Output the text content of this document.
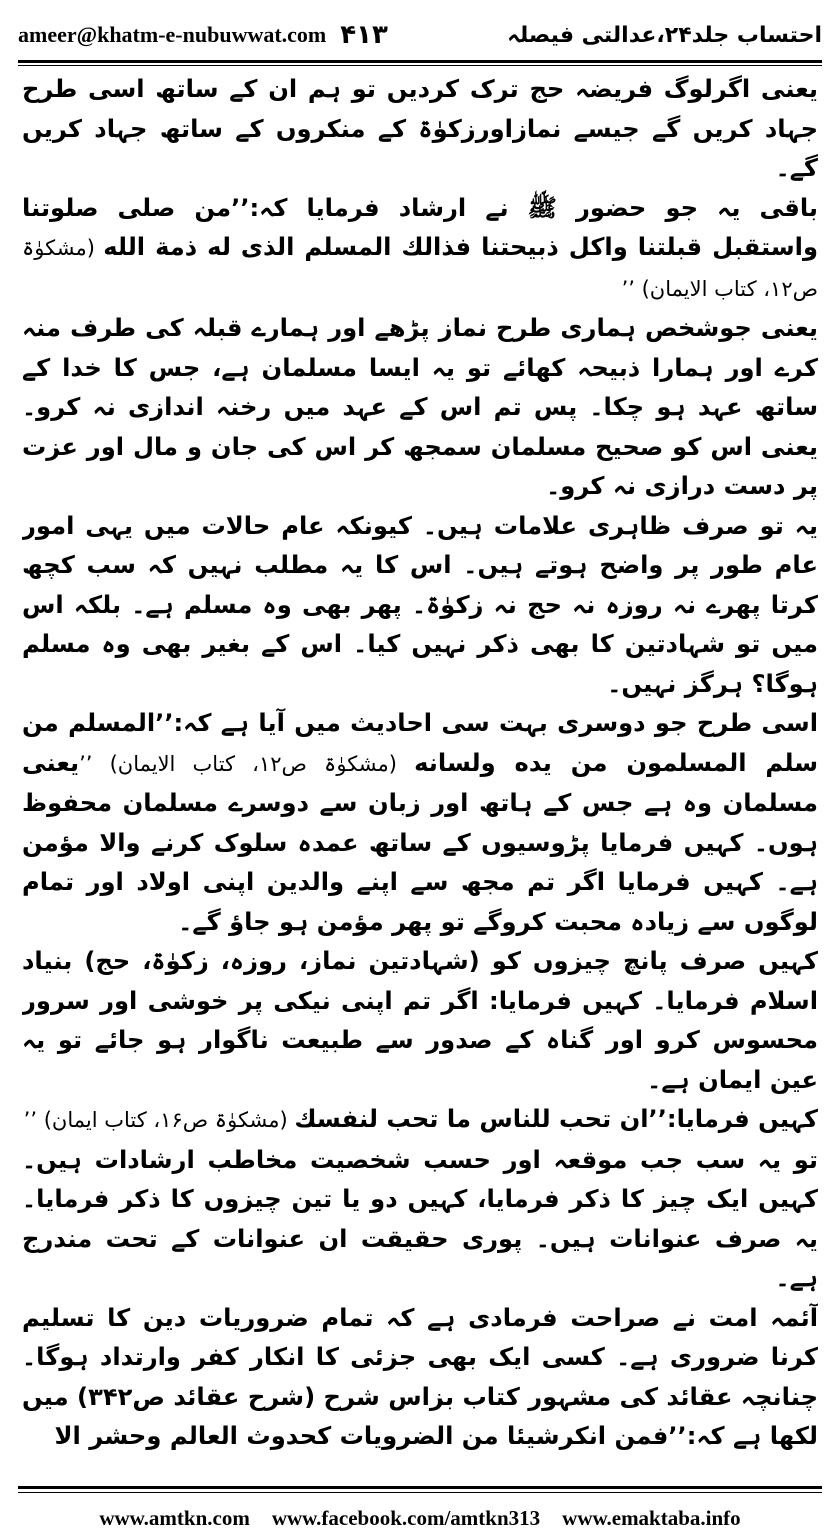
ameer@khatm-e-nubuwwat.com ۴۱۳	احتساب جلد۲۴،عدالتی فیصلہ

یعنی اگرلوگ فریضہ حج ترک کردیں تو ہم ان کے ساتھ اسی طرح جہاد کریں گے جیسے نمازاورزکوٰۃ کے منکروں کے ساتھ جہاد کریں گے۔

باقی یہ جو حضور ﷺ نے ارشاد فرمایا کہ:’’من صلی صلوتنا واستقبل قبلتنا واکل ذبیحتنا فذالك المسلم الذی له ذمة الله (مشکوٰۃ ص۱۲، کتاب الایمان) ’’

یعنی جوشخص ہماری طرح نماز پڑھے اور ہمارے قبلہ کی طرف منہ کرے اور ہمارا ذبیحہ کھائے تو یہ ایسا مسلمان ہے، جس کا خدا کے ساتھ عہد ہو چکا۔ پس تم اس کے عہد میں رخنہ اندازی نہ کرو۔ یعنی اس کو صحیح مسلمان سمجھ کر اس کی جان و مال اور عزت پر دست درازی نہ کرو۔

یہ تو صرف ظاہری علامات ہیں۔ کیونکہ عام حالات میں یہی امور عام طور پر واضح ہوتے ہیں۔ اس کا یہ مطلب نہیں کہ سب کچھ کرتا پھرے نہ روزہ نہ حج نہ زکوٰۃ۔ پھر بھی وہ مسلم ہے۔ بلکہ اس میں تو شہادتین کا بھی ذکر نہیں کیا۔ اس کے بغیر بھی وہ مسلم ہوگا؟ ہرگز نہیں۔

اسی طرح جو دوسری بہت سی احادیث میں آیا ہے کہ:’’المسلم من سلم المسلمون من یده ولسانه (مشکوٰۃ ص۱۲، کتاب الایمان) ’’یعنی مسلمان وہ ہے جس کے ہاتھ اور زبان سے دوسرے مسلمان محفوظ ہوں۔ کہیں فرمایا پڑوسیوں کے ساتھ عمدہ سلوک کرنے والا مؤمن ہے۔ کہیں فرمایا اگر تم مجھ سے اپنے والدین اپنی اولاد اور تمام لوگوں سے زیادہ محبت کروگے تو پھر مؤمن ہو جاؤ گے۔

کہیں صرف پانچ چیزوں کو (شہادتین نماز، روزہ، زکوٰۃ، حج) بنیاد اسلام فرمایا۔ کہیں فرمایا: اگر تم اپنی نیکی پر خوشی اور سرور محسوس کرو اور گناہ کے صدور سے طبیعت ناگوار ہو جائے تو یہ عین ایمان ہے۔

کہیں فرمایا:’’ان تحب للناس ما تحب لنفسك (مشکوٰۃ ص۱۶، کتاب ایمان) ’’

تو یہ سب جب موقعہ اور حسب شخصیت مخاطب ارشادات ہیں۔ کہیں ایک چیز کا ذکر فرمایا، کہیں دو یا تین چیزوں کا ذکر فرمایا۔ یہ صرف عنوانات ہیں۔ پوری حقیقت ان عنوانات کے تحت مندرج ہے۔

آئمہ امت نے صراحت فرمادی ہے کہ تمام ضروریات دین کا تسلیم کرنا ضروری ہے۔ کسی ایک بھی جزئی کا انکار کفر وارتداد ہوگا۔ چنانچہ عقائد کی مشہور کتاب بزاس شرح (شرح عقائد ص۳۴۲) میں لکھا ہے کہ:’’فمن انکرشیئا من الضرویات کحدوث العالم وحشر الا

www.amtkn.com www.facebook.com/amtkn313 www.emaktaba.info
